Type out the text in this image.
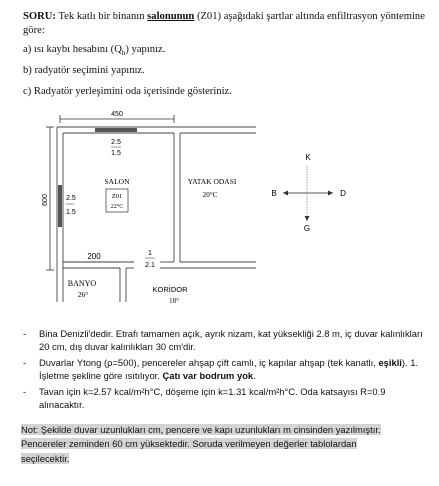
SORU: Tek katlı bir binanın salonunun (Z01) aşağıdaki şartlar altında enfiltrasyon yöntemine göre:
a) ısı kaybı hesabını $(Q_h)$ yapınız.
b) radyatör seçimini yapınız.
c) Radyatör yerleşimini oda içerisinde gösteriniz.
450
600
2.5
1.5
2.5
1.5
SALON
Z01
22°C
YATAK ODASI
20°C
200	1
2.1
BANYO
26°
KORİDOR
18°
K
B	D
G
- Bina Denizli'dedir. Etrafı tamamen açık, ayrık nizam, kat yüksekliği 2.8 m, iç duvar kalınlıkları 20 cm, dış duvar kalınlıkları 30 cm'dir.
- Duvarlar Ytong (ρ=500), pencereler ahşap çift camlı, iç kapılar ahşap (tek kanatlı, eşikli). 1. İşletme şekline göre ısıtılıyor. Çatı var bodrum yok.
- Tavan için k=2.57 kcal/m²h°C, döşeme için k=1.31 kcal/m²h°C. Oda katsayısı R=0.9 alınacaktır.
Not: Şekilde duvar uzunlukları cm, pencere ve kapı uzunlukları m cinsinden yazılmıştır. Pencereler zeminden 60 cm yüksektedir. Soruda verilmeyen değerler tablolardan seçilecektir.
